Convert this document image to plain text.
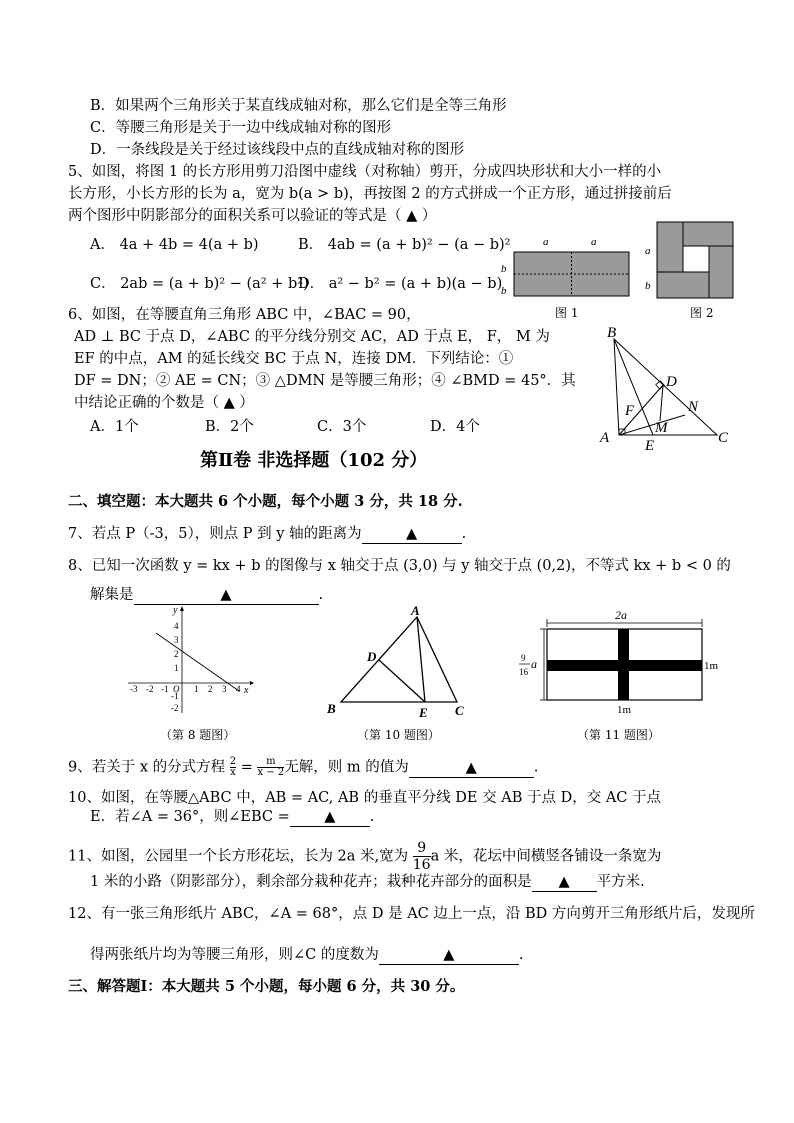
B．如果两个三角形关于某直线成轴对称，那么它们是全等三角形
C．等腰三角形是关于一边中线成轴对称的图形
D．一条线段是关于经过该线段中点的直线成轴对称的图形
5、如图，将图 1 的长方形用剪刀沿图中虚线（对称轴）剪开，分成四块形状和大小一样的小
长方形，小长方形的长为 a，宽为 b(a > b)，再按图 2 的方式拼成一个正方形，通过拼接前后
两个图形中阴影部分的面积关系可以验证的等式是（ ▲ ）
A． 4a + 4b = 4(a + b)	B． 4ab = (a + b)² − (a − b)²
C． 2ab = (a + b)² − (a² + b²)
D． a² − b² = (a + b)(a − b)
a	a
b
b
图 1
a
b
图 2
6、如图，在等腰直角三角形 ABC 中，∠BAC = 90，
AD ⊥ BC 于点 D，∠ABC 的平分线分别交 AC，AD 于点 E， F， M 为
EF 的中点，AM 的延长线交 BC 于点 N，连接 DM．下列结论：①
DF = DN；② AE = CN；③ △DMN 是等腰三角形；④ ∠BMD = 45°．其
中结论正确的个数是（ ▲ ）
A．1个	B．2个	C．3个	D．4个
B
D
N
F
M
A E	C
第Ⅱ卷 非选择题（102 分）
二、填空题：本大题共 6 个小题，每个小题 3 分，共 18 分.
7、若点 P（-3，5），则点 P 到 y 轴的距离为	▲	.
8、已知一次函数 y = kx + b 的图像与 x 轴交于点 (3,0) 与 y 轴交于点 (0,2)，不等式 kx + b < 0 的
解集是	▲	.
y
x
-3 -2 -1 O 1 2 3 4
4
3
2
1
-1
-2
（第 8 题图）
A
D
B	E C
（第 10 题图）
2a
9
16
a	1m
1m
（第 11 题图）
9、若关于 x 的分式方程 $\frac{2}{x} = \frac{m}{x - 2}$ 无解，则 m 的值为	▲	.
10、如图，在等腰△ABC 中，AB = AC, AB 的垂直平分线 DE 交 AB 于点 D，交 AC 于点
E．若∠A = 36°，则∠EBC = ▲ .
11、如图，公园里一个长方形花坛，长为 2a 米,宽为 $\frac{9}{16}$ a 米，花坛中间横竖各铺设一条宽为
1 米的小路（阴影部分），剩余部分栽种花卉；栽种花卉部分的面积是 ▲ 平方米.
12、有一张三角形纸片 ABC，∠A = 68°，点 D 是 AC 边上一点，沿 BD 方向剪开三角形纸片后，发现所
得两张纸片均为等腰三角形，则∠C 的度数为	▲	.
三、解答题Ⅰ：本大题共 5 个小题，每小题 6 分，共 30 分。
